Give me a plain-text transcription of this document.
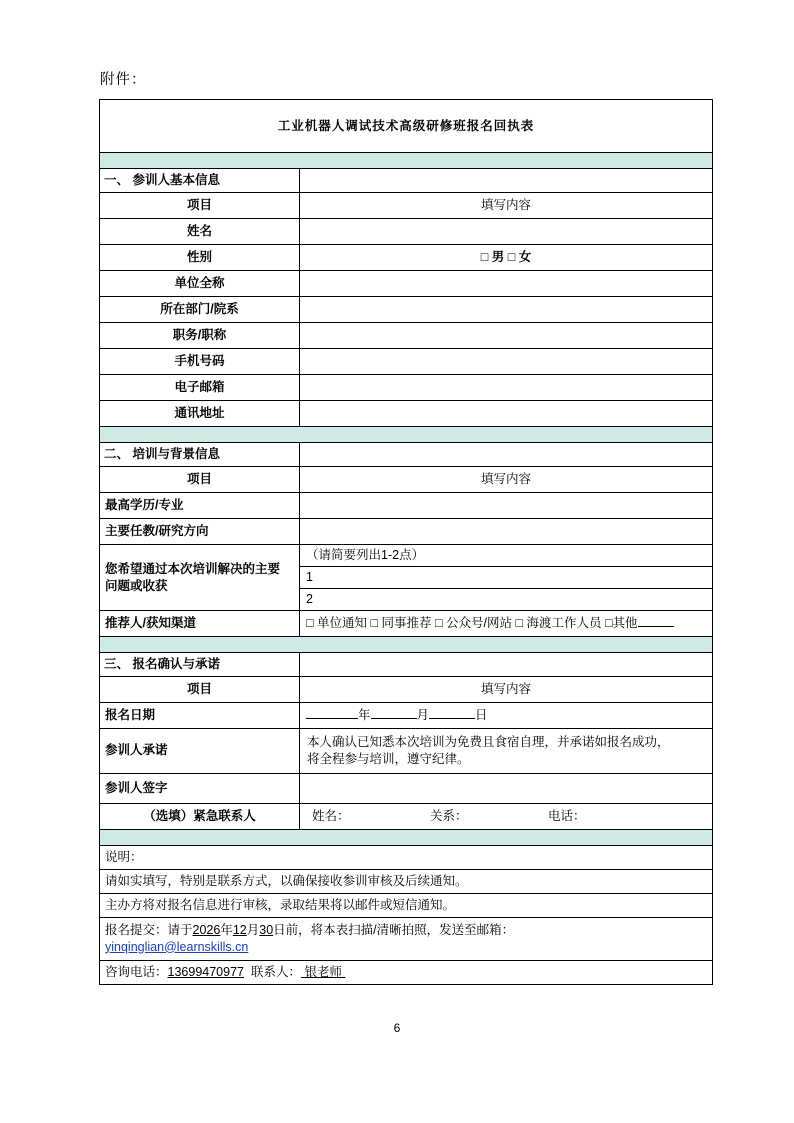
附件：
工业机器人调试技术高级研修班报名回执表	

一、 参训人基本信息	
项目	填写内容
姓名	
性别	□ 男 □ 女
单位全称	
所在部门/院系	
职务/职称	
手机号码	
电子邮箱	
通讯地址	

二、 培训与背景信息	
项目	填写内容
最高学历/专业	
主要任教/研究方向	

您希望通过本次培训解决的主要
问题或收获	（请简要列出1-2点）
	1
	2
推荐人/获知渠道	□ 单位通知 □ 同事推荐 □ 公众号/网站 □ 海渡工作人员 □其他

三、 报名确认与承诺	
项目	填写内容
报名日期	年 月 日
参训人承诺	本人确认已知悉本次培训为免费且食宿自理，并承诺如报名成功，
将全程参与培训，遵守纪律。

参训人签字	
（选填）紧急联系人	姓名： 关系： 电话：

说明：	
请如实填写，特别是联系方式，以确保接收参训审核及后续通知。	
主办方将对报名信息进行审核，录取结果将以邮件或短信通知。	

报名提交：请于2026年12月30日前，将本表扫描/清晰拍照，发送至邮箱：
yinqinglian@learnskills.cn	

咨询电话：13699470977 联系人： 银老师	
6
